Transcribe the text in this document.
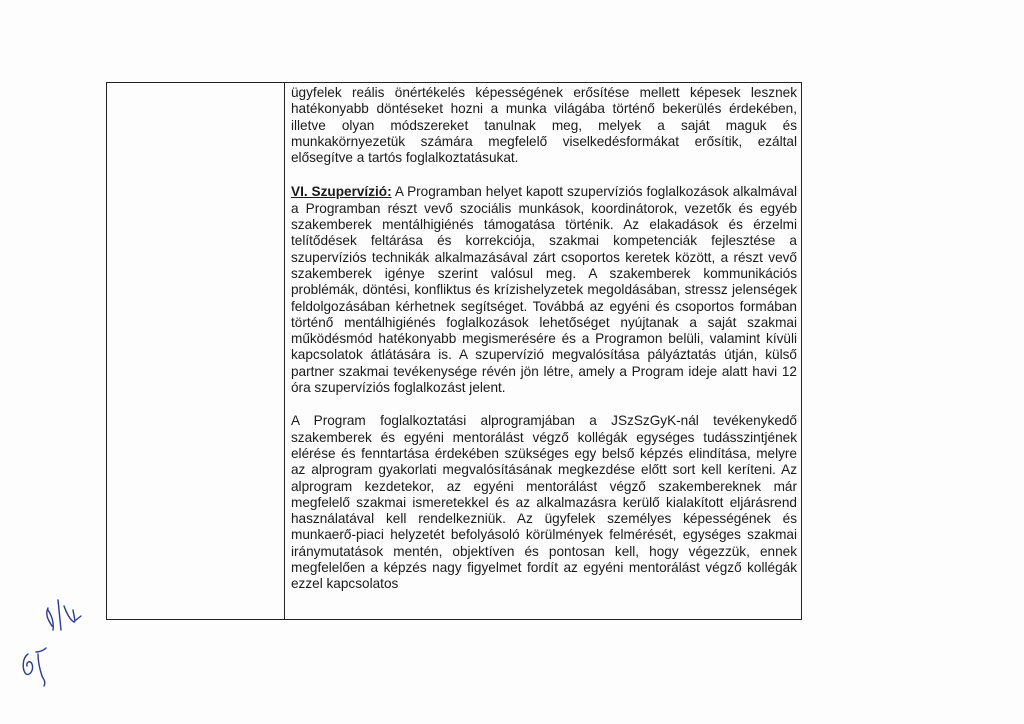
ügyfelek reális önértékelés képességének erősítése mellett képesek lesznek hatékonyabb döntéseket hozni a munka világába történő bekerülés érdekében, illetve olyan módszereket tanulnak meg, melyek a saját maguk és munkakörnyezetük számára megfelelő viselkedésformákat erősítik, ezáltal elősegítve a tartós foglalkoztatásukat.

VI. Szupervízió: A Programban helyet kapott szupervíziós foglalkozások alkalmával a Programban részt vevő szociális munkások, koordinátorok, vezetők és egyéb szakemberek mentálhigiénés támogatása történik. Az elakadások és érzelmi telítődések feltárása és korrekciója, szakmai kompetenciák fejlesztése a szupervíziós technikák alkalmazásával zárt csoportos keretek között, a részt vevő szakemberek igénye szerint valósul meg. A szakemberek kommunikációs problémák, döntési, konfliktus és krízishelyzetek megoldásában, stressz jelenségek feldolgozásában kérhetnek segítséget. Továbbá az egyéni és csoportos formában történő mentálhigiénés foglalkozások lehetőséget nyújtanak a saját szakmai működésmód hatékonyabb megismerésére és a Programon belüli, valamint kívüli kapcsolatok átlátására is. A szupervízió megvalósítása pályáztatás útján, külső partner szakmai tevékenysége révén jön létre, amely a Program ideje alatt havi 12 óra szupervíziós foglalkozást jelent.

A Program foglalkoztatási alprogramjában a JSzSzGyK-nál tevékenykedő szakemberek és egyéni mentorálást végző kollégák egységes tudásszintjének elérése és fenntartása érdekében szükséges egy belső képzés elindítása, melyre az alprogram gyakorlati megvalósításának megkezdése előtt sort kell keríteni. Az alprogram kezdetekor, az egyéni mentorálást végző szakembereknek már megfelelő szakmai ismeretekkel és az alkalmazásra kerülő kialakított eljárásrend használatával kell rendelkezniük. Az ügyfelek személyes képességének és munkaerő-piaci helyzetét befolyásoló körülmények felmérését, egységes szakmai iránymutatások mentén, objektíven és pontosan kell, hogy végezzük, ennek megfelelően a képzés nagy figyelmet fordít az egyéni mentorálást végző kollégák ezzel kapcsolatos
